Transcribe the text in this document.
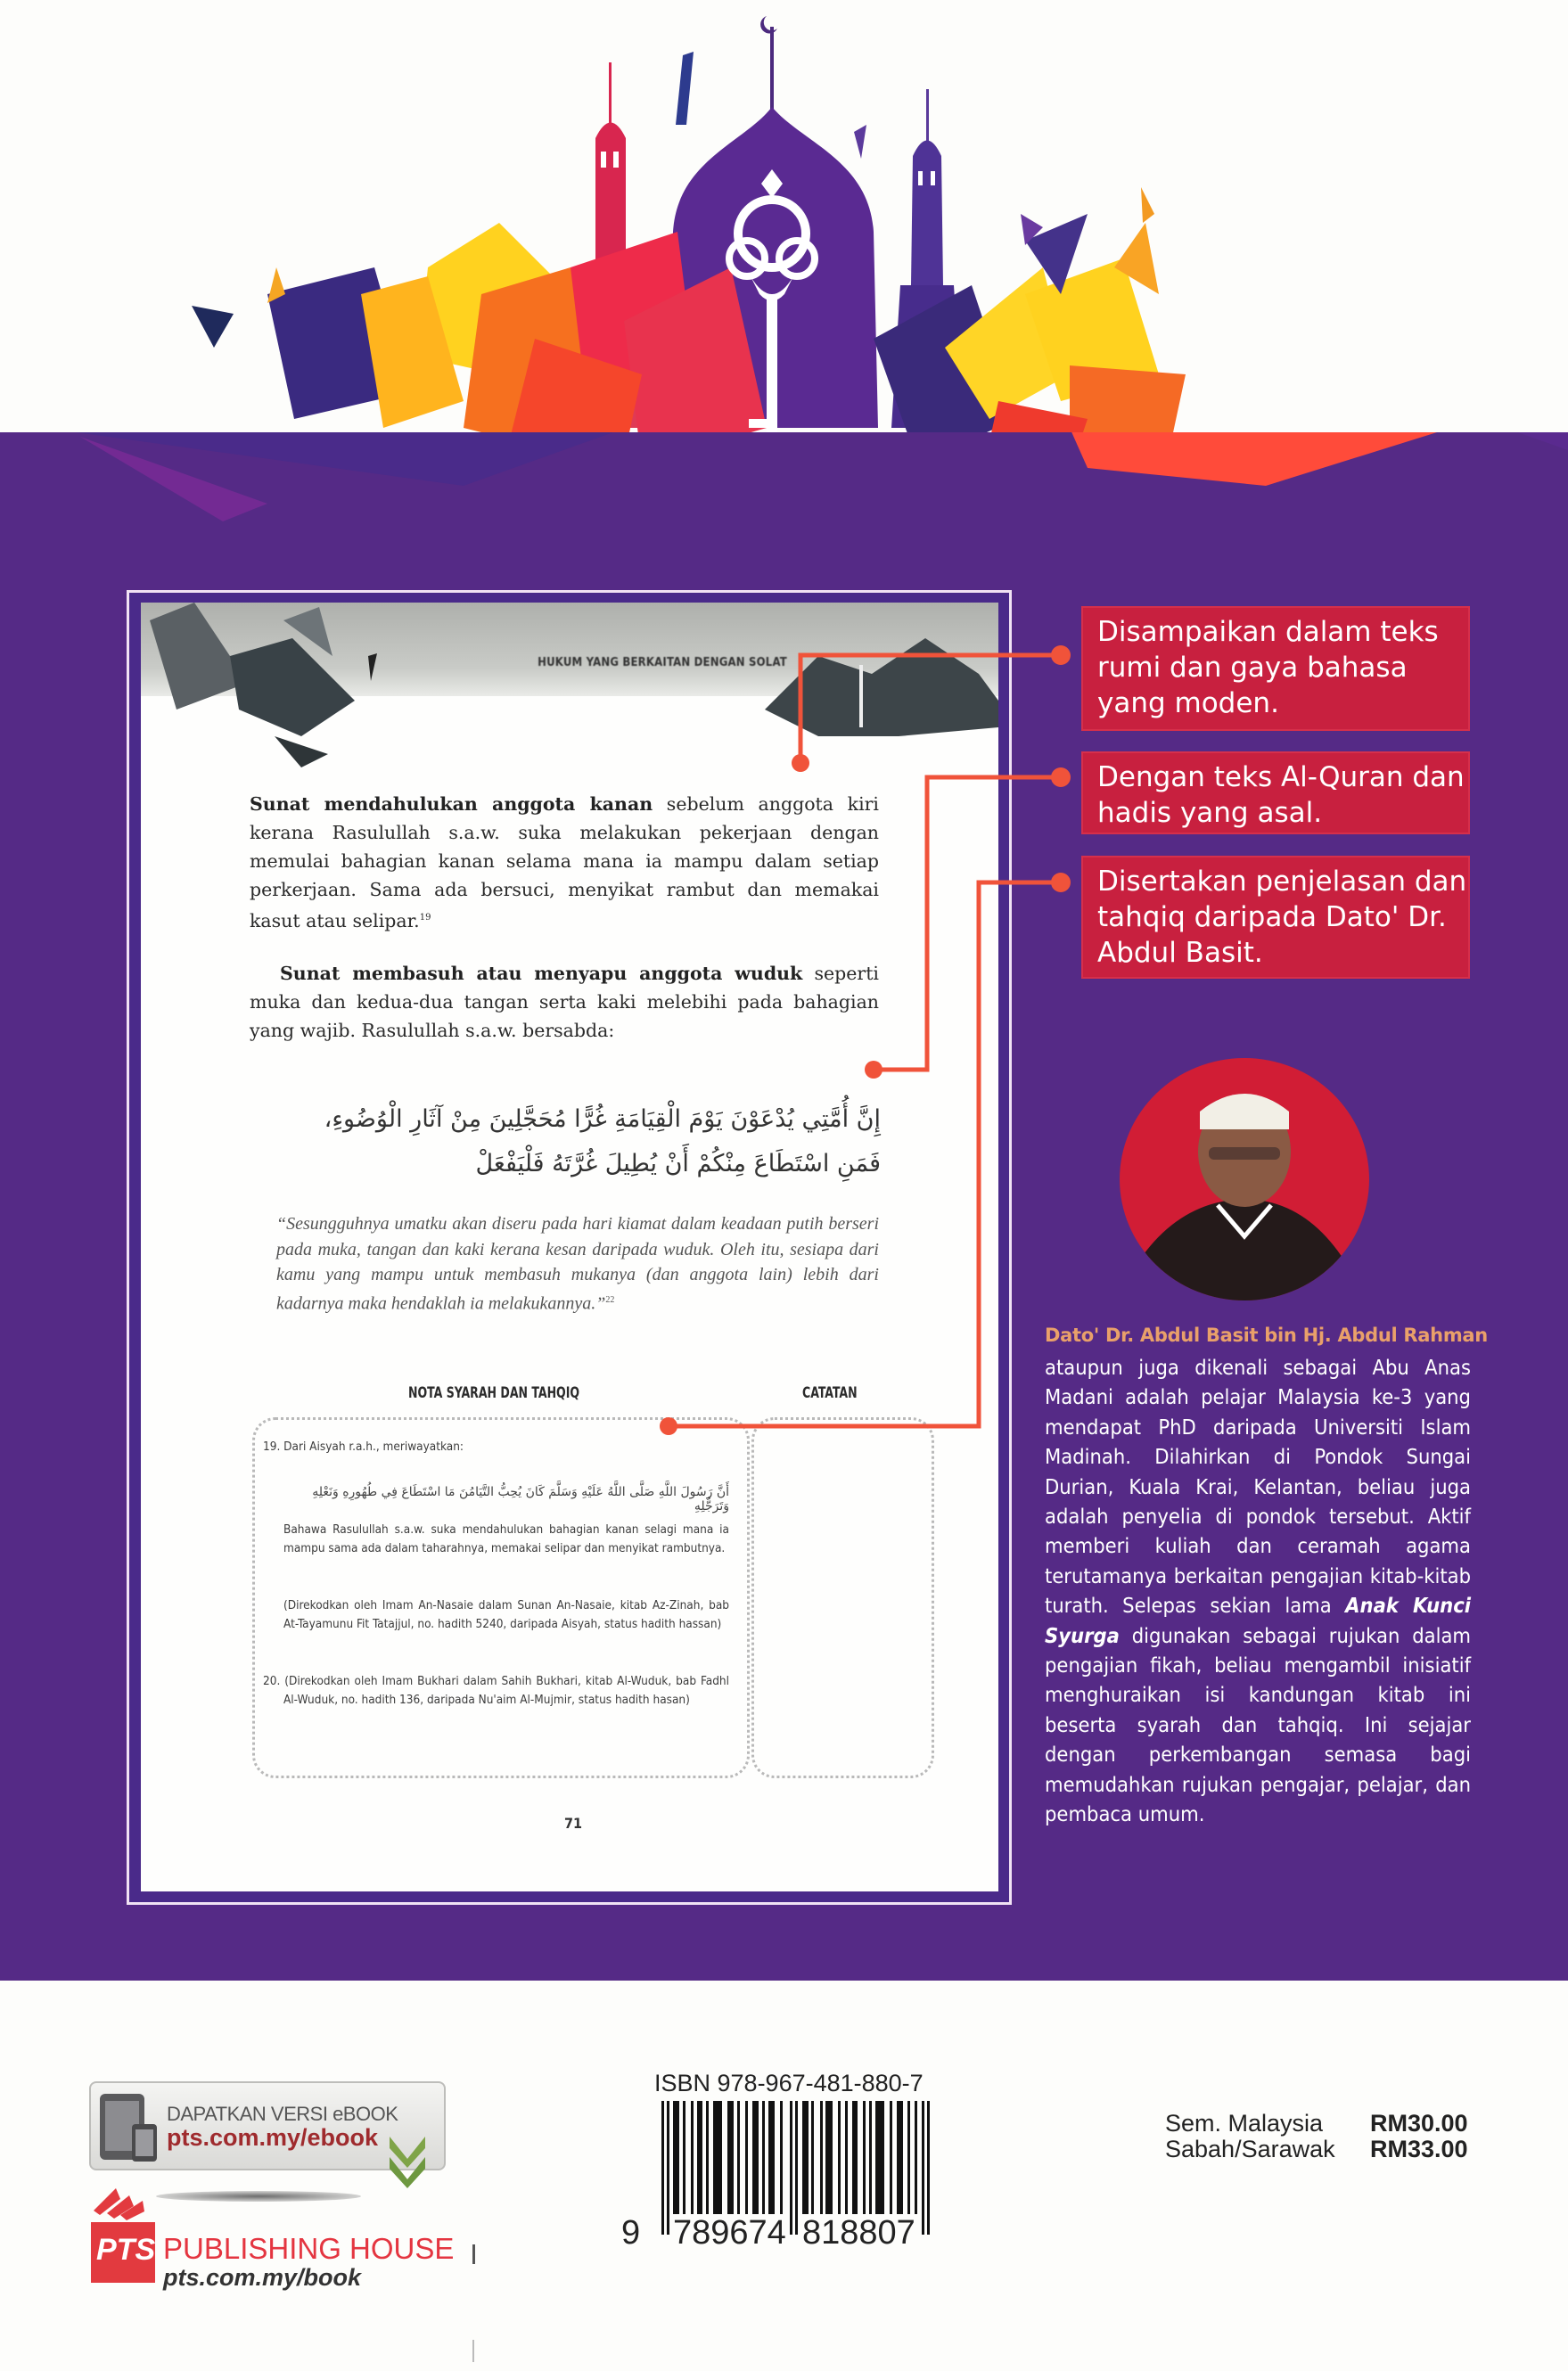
HUKUM YANG BERKAITAN DENGAN SOLAT
Sunat mendahulukan anggota kanan sebelum anggota kiri kerana Rasulullah s.a.w. suka melakukan pekerjaan dengan memulai bahagian kanan selama mana ia mampu dalam setiap perkerjaan. Sama ada bersuci, menyikat rambut dan memakai kasut atau selipar.$^{19}$
Sunat membasuh atau menyapu anggota wuduk seperti muka dan kedua-dua tangan serta kaki melebihi pada bahagian yang wajib. Rasulullah s.a.w. bersabda:
إِنَّ أُمَّتِي يُدْعَوْنَ يَوْمَ الْقِيَامَةِ غُرًّا مُحَجَّلِينَ مِنْ آثَارِ الْوُضُوءِ،
فَمَنِ اسْتَطَاعَ مِنْكُمْ أَنْ يُطِيلَ غُرَّتَهُ فَلْيَفْعَلْ
“Sesungguhnya umatku akan diseru pada hari kiamat dalam keadaan putih berseri pada muka, tangan dan kaki kerana kesan daripada wuduk. Oleh itu, sesiapa dari kamu yang mampu untuk membasuh mukanya (dan anggota lain) lebih dari kadarnya maka hendaklah ia melakukannya.”$^{22}$
NOTA SYARAH DAN TAHQIQ	CATATAN
19. Dari Aisyah r.a.h., meriwayatkan:
أَنَّ رَسُولَ اللَّهِ صَلَّى اللَّهُ عَلَيْهِ وَسَلَّمَ كَانَ يُحِبُّ التَّيَامُنَ مَا اسْتَطَاعَ فِي طُهُورِهِ وَنَعْلِهِ وَتَرَجُّلِهِ
Bahawa Rasulullah s.a.w. suka mendahulukan bahagian kanan selagi mana ia mampu sama ada dalam taharahnya, memakai selipar dan menyikat rambutnya.
(Direkodkan oleh Imam An-Nasaie dalam Sunan An-Nasaie, kitab Az-Zinah, bab At-Tayamunu Fit Tatajjul, no. hadith 5240, daripada Aisyah, status hadith hassan)
20. (Direkodkan oleh Imam Bukhari dalam Sahih Bukhari, kitab Al-Wuduk, bab Fadhl Al-Wuduk, no. hadith 136, daripada Nu'aim Al-Mujmir, status hadith hasan)
71
Disampaikan dalam teks rumi dan gaya bahasa yang moden.
Dengan teks Al-Quran dan hadis yang asal.
Disertakan penjelasan dan tahqiq daripada Dato' Dr. Abdul Basit.
Dato' Dr. Abdul Basit bin Hj. Abdul Rahman
ataupun juga dikenali sebagai Abu Anas Madani adalah pelajar Malaysia ke-3 yang mendapat PhD daripada Universiti Islam Madinah. Dilahirkan di Pondok Sungai Durian, Kuala Krai, Kelantan, beliau juga adalah penyelia di pondok tersebut. Aktif memberi kuliah dan ceramah agama terutamanya berkaitan pengajian kitab-kitab turath. Selepas sekian lama Anak Kunci Syurga digunakan sebagai rujukan dalam pengajian fikah, beliau mengambil inisiatif menghuraikan isi kandungan kitab ini beserta syarah dan tahqiq. Ini sejajar dengan perkembangan semasa bagi memudahkan rujukan pengajar, pelajar, dan pembaca umum.
DAPATKAN VERSI eBOOK
pts.com.my/ebook
PTS PUBLISHING HOUSE
pts.com.my/book
ISBN 978-967-481-880-7
9 789674 818807
Sem. Malaysia RM30.00
Sabah/Sarawak RM33.00
